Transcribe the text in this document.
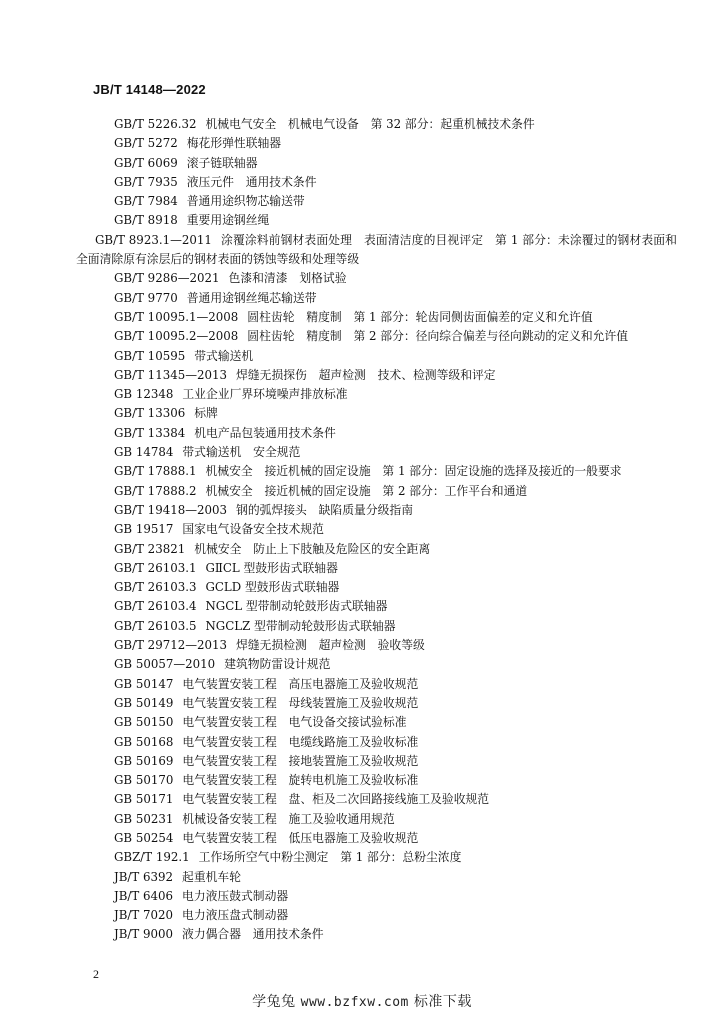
JB/T 14148—2022
GB/T 5226.32 机械电气安全　机械电气设备　第 32 部分：起重机械技术条件
GB/T 5272 梅花形弹性联轴器
GB/T 6069 滚子链联轴器
GB/T 7935 液压元件　通用技术条件
GB/T 7984 普通用途织物芯输送带
GB/T 8918 重要用途钢丝绳
GB/T 8923.1—2011 涂覆涂料前钢材表面处理　表面清洁度的目视评定　第 1 部分：未涂覆过的钢材表面和全面清除原有涂层后的钢材表面的锈蚀等级和处理等级
GB/T 9286—2021 色漆和清漆　划格试验
GB/T 9770 普通用途钢丝绳芯输送带
GB/T 10095.1—2008 圆柱齿轮　精度制　第 1 部分：轮齿同侧齿面偏差的定义和允许值
GB/T 10095.2—2008 圆柱齿轮　精度制　第 2 部分：径向综合偏差与径向跳动的定义和允许值
GB/T 10595 带式输送机
GB/T 11345—2013 焊缝无损探伤　超声检测　技术、检测等级和评定
GB 12348 工业企业厂界环境噪声排放标准
GB/T 13306 标牌
GB/T 13384 机电产品包装通用技术条件
GB 14784 带式输送机　安全规范
GB/T 17888.1 机械安全　接近机械的固定设施　第 1 部分：固定设施的选择及接近的一般要求
GB/T 17888.2 机械安全　接近机械的固定设施　第 2 部分：工作平台和通道
GB/T 19418—2003 钢的弧焊接头　缺陷质量分级指南
GB 19517 国家电气设备安全技术规范
GB/T 23821 机械安全　防止上下肢触及危险区的安全距离
GB/T 26103.1 GⅡCL 型鼓形齿式联轴器
GB/T 26103.3 GCLD 型鼓形齿式联轴器
GB/T 26103.4 NGCL 型带制动轮鼓形齿式联轴器
GB/T 26103.5 NGCLZ 型带制动轮鼓形齿式联轴器
GB/T 29712—2013 焊缝无损检测　超声检测　验收等级
GB 50057—2010 建筑物防雷设计规范
GB 50147 电气装置安装工程　高压电器施工及验收规范
GB 50149 电气装置安装工程　母线装置施工及验收规范
GB 50150 电气装置安装工程　电气设备交接试验标准
GB 50168 电气装置安装工程　电缆线路施工及验收标准
GB 50169 电气装置安装工程　接地装置施工及验收规范
GB 50170 电气装置安装工程　旋转电机施工及验收标准
GB 50171 电气装置安装工程　盘、柜及二次回路接线施工及验收规范
GB 50231 机械设备安装工程　施工及验收通用规范
GB 50254 电气装置安装工程　低压电器施工及验收规范
GBZ/T 192.1 工作场所空气中粉尘测定　第 1 部分：总粉尘浓度
JB/T 6392 起重机车轮
JB/T 6406 电力液压鼓式制动器
JB/T 7020 电力液压盘式制动器
JB/T 9000 液力偶合器　通用技术条件
2
学兔兔 www.bzfxw.com 标准下载
